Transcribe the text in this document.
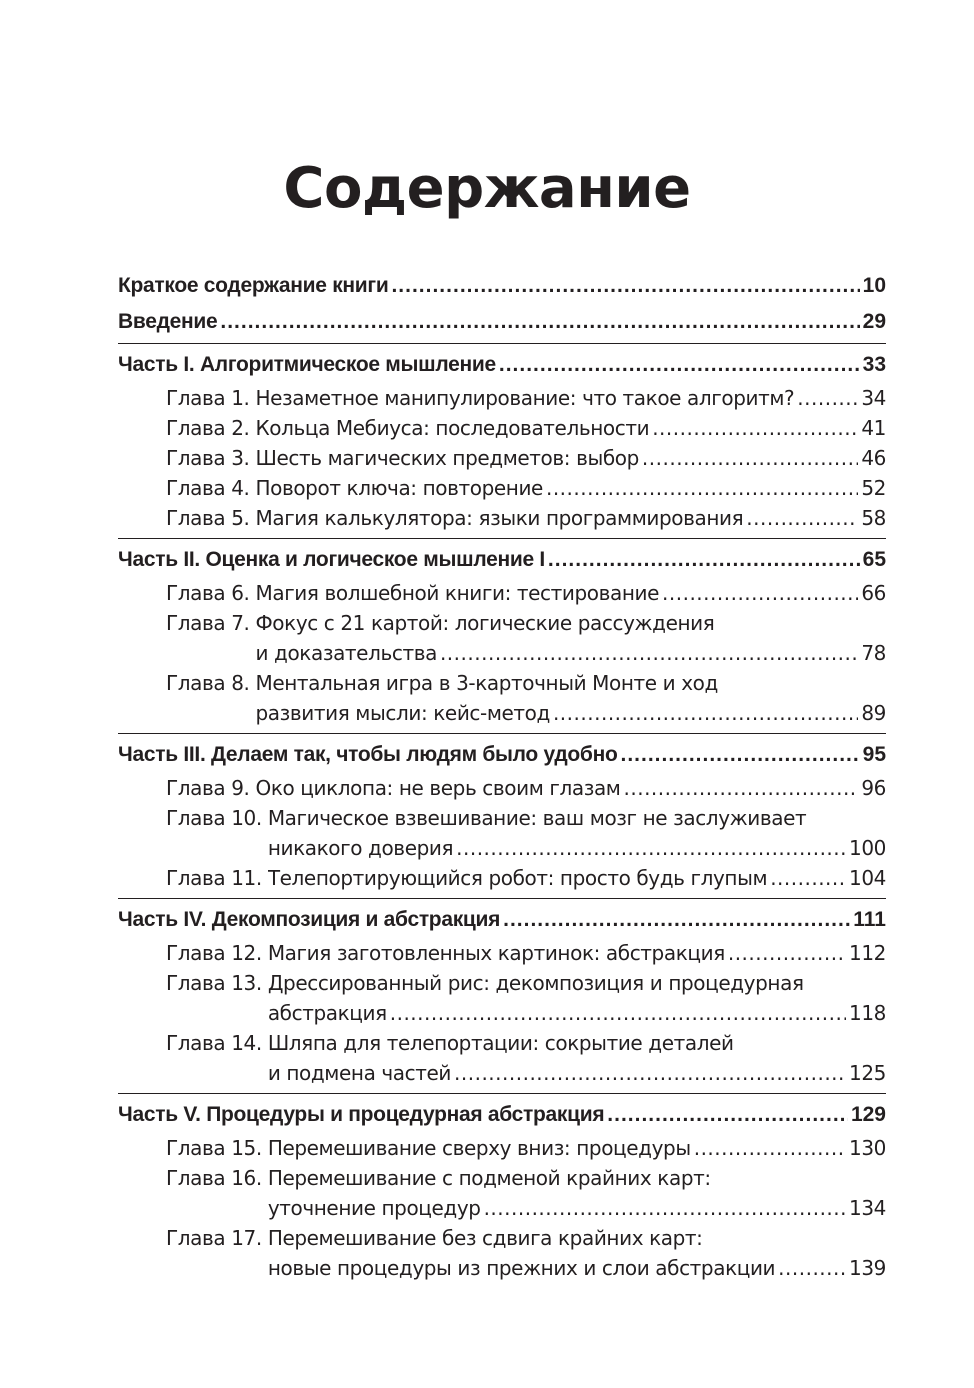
Содержание
Краткое содержание книги .....	10
Введение .....	29
Часть I. Алгоритмическое мышление .....	33
Глава 1. Незаметное манипулирование: что такое алгоритм? .....	34
Глава 2. Кольца Мебиуса: последовательности .....	41
Глава 3. Шесть магических предметов: выбор .....	46
Глава 4. Поворот ключа: повторение .....	52
Глава 5. Магия калькулятора: языки программирования .....	58
Часть II. Оценка и логическое мышление I .....	65
Глава 6. Магия волшебной книги: тестирование .....	66
Глава 7. Фокус с 21 картой: логические рассуждения
и доказательства .....	78
Глава 8. Ментальная игра в 3-карточный Монте и ход
развития мысли: кейс-метод .....	89
Часть III. Делаем так, чтобы людям было удобно .....	95
Глава 9. Око циклопа: не верь своим глазам .....	96
Глава 10. Магическое взвешивание: ваш мозг не заслуживает
никакого доверия .....	100
Глава 11. Телепортирующийся робот: просто будь глупым .....	104
Часть IV. Декомпозиция и абстракция .....	111
Глава 12. Магия заготовленных картинок: абстракция .....	112
Глава 13. Дрессированный рис: декомпозиция и процедурная
абстракция .....	118
Глава 14. Шляпа для телепортации: сокрытие деталей
и подмена частей .....	125
Часть V. Процедуры и процедурная абстракция .....	129
Глава 15. Перемешивание сверху вниз: процедуры .....	130
Глава 16. Перемешивание с подменой крайних карт:
уточнение процедур .....	134
Глава 17. Перемешивание без сдвига крайних карт:
новые процедуры из прежних и слои абстракции .....	139
